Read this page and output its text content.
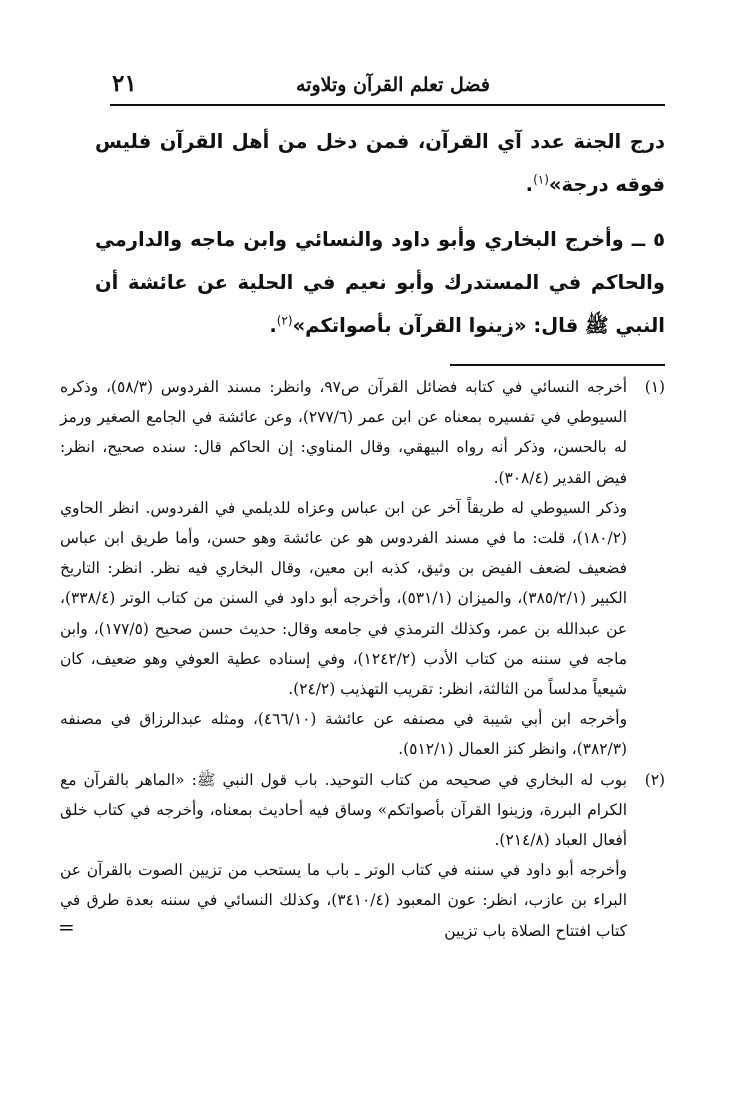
فضل تعلم القرآن وتلاوته
٢١

درج الجنة عدد آي القرآن، فمن دخل من أهل القرآن فليس فوقه درجة»$^{(١)}$.

٥ ــ وأخرج البخاري وأبو داود والنسائي وابن ماجه والدارمي والحاكم في المستدرك وأبو نعيم في الحلية عن عائشة أن النبي ﷺ قال: «زينوا القرآن بأصواتكم»$^{(٢)}$.

(١)
أخرجه النسائي في كتابه فضائل القرآن ص٩٧، وانظر: مسند الفردوس (٥٨/٣)، وذكره السيوطي في تفسيره بمعناه عن ابن عمر (٢٧٧/٦)، وعن عائشة في الجامع الصغير ورمز له بالحسن، وذكر أنه رواه البيهقي، وقال المناوي: إن الحاكم قال: سنده صحيح، انظر: فيض القدير (٣٠٨/٤).
وذكر السيوطي له طريقاً آخر عن ابن عباس وعزاه للديلمي في الفردوس. انظر الحاوي (١٨٠/٢)، قلت: ما في مسند الفردوس هو عن عائشة وهو حسن، وأما طريق ابن عباس فضعيف لضعف الفيض بن وثيق، كذبه ابن معين، وقال البخاري فيه نظر. انظر: التاريخ الكبير (٣٨٥/٢/١)، والميزان (٥٣١/١)، وأخرجه أبو داود في السنن من كتاب الوتر (٣٣٨/٤)، عن عبدالله بن عمر، وكذلك الترمذي في جامعه وقال: حديث حسن صحيح (١٧٧/٥)، وابن ماجه في سننه من كتاب الأدب (١٢٤٢/٢)، وفي إسناده عطية العوفي وهو ضعيف، كان شيعياً مدلساً من الثالثة، انظر: تقريب التهذيب (٢٤/٢).
وأخرجه ابن أبي شيبة في مصنفه عن عائشة (٤٦٦/١٠)، ومثله عبدالرزاق في مصنفه (٣٨٢/٣)، وانظر كنز العمال (٥١٢/١).
(٢)
بوب له البخاري في صحيحه من كتاب التوحيد. باب قول النبي ﷺ: «الماهر بالقرآن مع الكرام البررة، وزينوا القرآن بأصواتكم» وساق فيه أحاديث بمعناه، وأخرجه في كتاب خلق أفعال العباد (٢١٤/٨).
وأخرجه أبو داود في سننه في كتاب الوتر ـ باب ما يستحب من تزيين الصوت بالقرآن عن البراء بن عازب، انظر: عون المعبود (٣٤١٠/٤)، وكذلك النسائي في سننه بعدة طرق في كتاب افتتاح الصلاة باب تزيين
=
